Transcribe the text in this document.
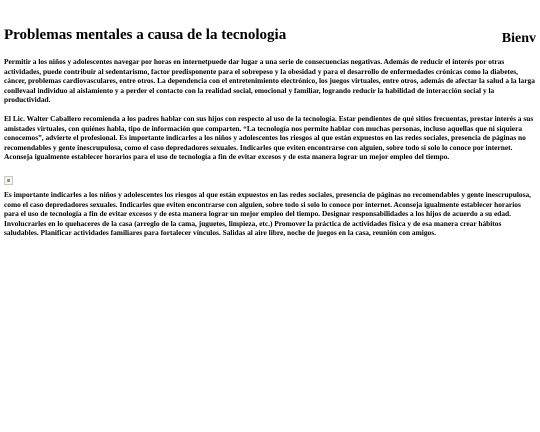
Bienv
Problemas mentales a causa de la tecnologia

Permitir a los niños y adolescentes navegar por horas en internetpuede dar lugar a una serie de consecuencias negativas. Además de reducir el interés por otras actividades, puede contribuir al sedentarismo, factor predisponente para el sobrepeso y la obesidad y para el desarrollo de enfermedades crónicas como la diabetes, cáncer, problemas cardiovasculares, entre otros. La dependencia con el entretenimiento electrónico, los juegos virtuales, entre otros, además de afectar la salud a la larga conllevaal individuo al aislamiento y a perder el contacto con la realidad social, emocional y familiar, logrando reducir la habilidad de interacción social y la productividad.

El Lic. Walter Caballero recomienda a los padres hablar con sus hijos con respecto al uso de la tecnología. Estar pendientes de qué sitios frecuentas, prestar interés a sus amistades virtuales, con quiénes habla, tipo de información que comparten. “La tecnología nos permite hablar con muchas personas, incluso aquellas que ni siquiera conocemos”, advierte el profesional. Es importante indicarles a los niños y adolescentes los riesgos al que están expuestos en las redes sociales, presencia de páginas no recomendables y gente inescrupulosa, como el caso depredadores sexuales. Indicarles que eviten encontrarse con alguien, sobre todo si solo lo conoce por internet. Aconseja igualmente establecer horarios para el uso de tecnología a fin de evitar excesos y de esta manera lograr un mejor empleo del tiempo.

Es importante indicarles a los niños y adolescentes los riesgos al que están expuestos en las redes sociales, presencia de páginas no recomendables y gente inescrupulosa, como el caso depredadores sexuales. Indicarles que eviten encontrarse con alguien, sobre todo si solo lo conoce por internet. Aconseja igualmente establecer horarios para el uso de tecnología a fin de evitar excesos y de esta manera lograr un mejor empleo del tiempo. Designar responsabilidades a los hijos de acuerdo a su edad. Involucrarles en lo quehaceres de la casa (arreglo de la cama, juguetes, limpieza, etc.) Promover la práctica de actividades física y de esa manera crear hábitos saludables. Planificar actividades familiares para fortalecer vínculos. Salidas al aire libre, noche de juegos en la casa, reunión con amigos.
